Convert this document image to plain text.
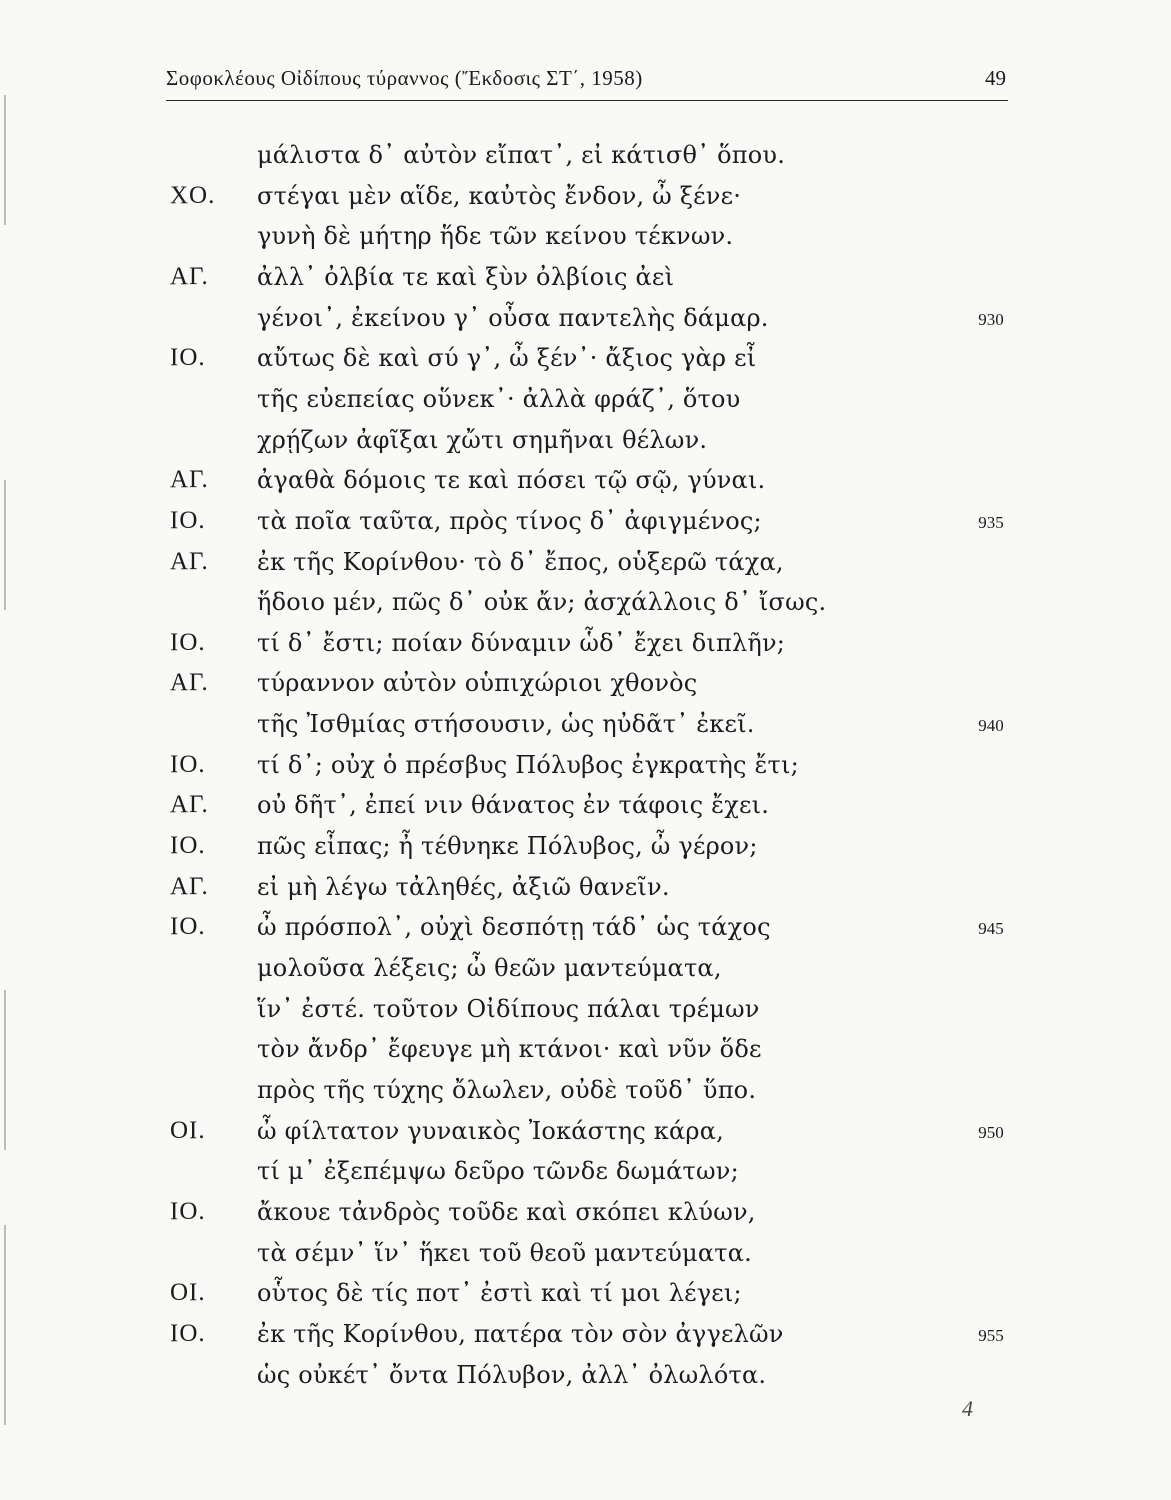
Σοφοκλέους Οἰδίπους τύραννος (Ἔκδοσις ΣΤ΄, 1958)	49
μάλιστα δ᾽ αὐτὸν εἴπατ᾽, εἰ κάτισθ᾽ ὅπου.
ΧΟ. στέγαι μὲν αἵδε, καὐτὸς ἔνδον, ὦ ξένε·
γυνὴ δὲ μήτηρ ἥδε τῶν κείνου τέκνων.
ΑΓ. ἀλλ᾽ ὀλβία τε καὶ ξὺν ὀλβίοις ἀεὶ
γένοι᾽, ἐκείνου γ᾽ οὖσα παντελὴς δάμαρ.	930
ΙΟ. αὔτως δὲ καὶ σύ γ᾽, ὦ ξέν᾽· ἄξιος γὰρ εἶ
τῆς εὐεπείας οὕνεκ᾽· ἀλλὰ φράζ᾽, ὅτου
χρῄζων ἀφῖξαι χὤτι σημῆναι θέλων.
ΑΓ. ἀγαθὰ δόμοις τε καὶ πόσει τῷ σῷ, γύναι.
ΙΟ. τὰ ποῖα ταῦτα, πρὸς τίνος δ᾽ ἀφιγμένος;	935
ΑΓ. ἐκ τῆς Κορίνθου· τὸ δ᾽ ἔπος, οὑξερῶ τάχα,
ἥδοιο μέν, πῶς δ᾽ οὐκ ἄν; ἀσχάλλοις δ᾽ ἴσως.
ΙΟ. τί δ᾽ ἔστι; ποίαν δύναμιν ὧδ᾽ ἔχει διπλῆν;
ΑΓ. τύραννον αὐτὸν οὑπιχώριοι χθονὸς
τῆς Ἰσθμίας στήσουσιν, ὡς ηὐδᾶτ᾽ ἐκεῖ.	940
ΙΟ. τί δ᾽; οὐχ ὁ πρέσβυς Πόλυβος ἐγκρατὴς ἔτι;
ΑΓ. οὐ δῆτ᾽, ἐπεί νιν θάνατος ἐν τάφοις ἔχει.
ΙΟ. πῶς εἶπας; ἦ τέθνηκε Πόλυβος, ὦ γέρον;
ΑΓ. εἰ μὴ λέγω τἀληθές, ἀξιῶ θανεῖν.
ΙΟ. ὦ πρόσπολ᾽, οὐχὶ δεσπότῃ τάδ᾽ ὡς τάχος	945
μολοῦσα λέξεις; ὦ θεῶν μαντεύματα,
ἵν᾽ ἐστέ. τοῦτον Οἰδίπους πάλαι τρέμων
τὸν ἄνδρ᾽ ἔφευγε μὴ κτάνοι· καὶ νῦν ὅδε
πρὸς τῆς τύχης ὄλωλεν, οὐδὲ τοῦδ᾽ ὕπο.
ΟΙ. ὦ φίλτατον γυναικὸς Ἰοκάστης κάρα,	950
τί μ᾽ ἐξεπέμψω δεῦρο τῶνδε δωμάτων;
ΙΟ. ἄκουε τἀνδρὸς τοῦδε καὶ σκόπει κλύων,
τὰ σέμν᾽ ἵν᾽ ἥκει τοῦ θεοῦ μαντεύματα.
ΟΙ. οὗτος δὲ τίς ποτ᾽ ἐστὶ καὶ τί μοι λέγει;
ΙΟ. ἐκ τῆς Κορίνθου, πατέρα τὸν σὸν ἀγγελῶν	955
ὡς οὐκέτ᾽ ὄντα Πόλυβον, ἀλλ᾽ ὀλωλότα.
4
